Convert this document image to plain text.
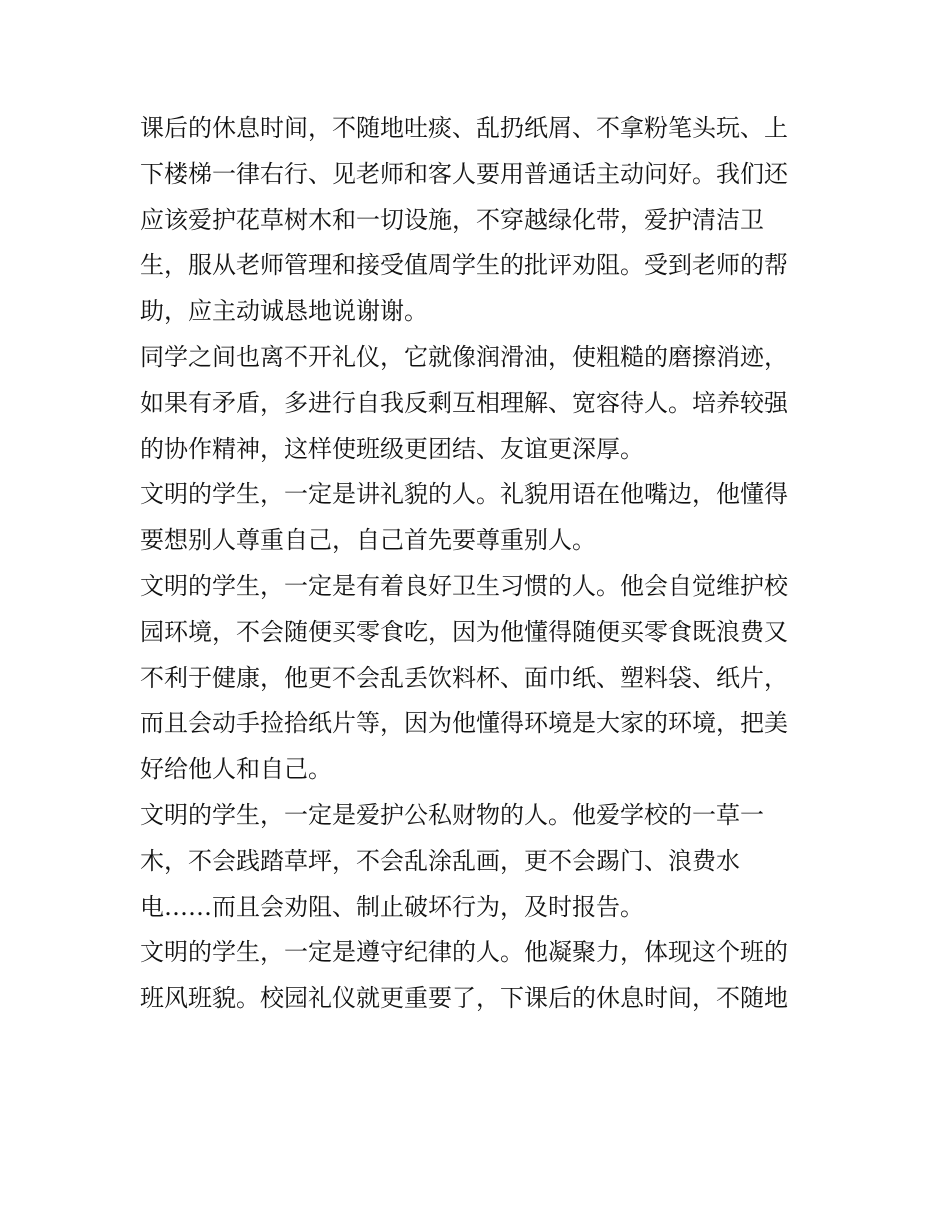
课后的休息时间，不随地吐痰、乱扔纸屑、不拿粉笔头玩、上
下楼梯一律右行、见老师和客人要用普通话主动问好。我们还
应该爱护花草树木和一切设施，不穿越绿化带，爱护清洁卫
生，服从老师管理和接受值周学生的批评劝阻。受到老师的帮
助，应主动诚恳地说谢谢。
同学之间也离不开礼仪，它就像润滑油，使粗糙的磨擦消迹，
如果有矛盾，多进行自我反剩互相理解、宽容待人。培养较强
的协作精神，这样使班级更团结、友谊更深厚。
文明的学生，一定是讲礼貌的人。礼貌用语在他嘴边，他懂得
要想别人尊重自己，自己首先要尊重别人。
文明的学生，一定是有着良好卫生习惯的人。他会自觉维护校
园环境，不会随便买零食吃，因为他懂得随便买零食既浪费又
不利于健康，他更不会乱丢饮料杯、面巾纸、塑料袋、纸片，
而且会动手捡拾纸片等，因为他懂得环境是大家的环境，把美
好给他人和自己。
文明的学生，一定是爱护公私财物的人。他爱学校的一草一
木，不会践踏草坪，不会乱涂乱画，更不会踢门、浪费水
电……而且会劝阻、制止破坏行为，及时报告。
文明的学生，一定是遵守纪律的人。他凝聚力，体现这个班的
班风班貌。校园礼仪就更重要了，下课后的休息时间，不随地
